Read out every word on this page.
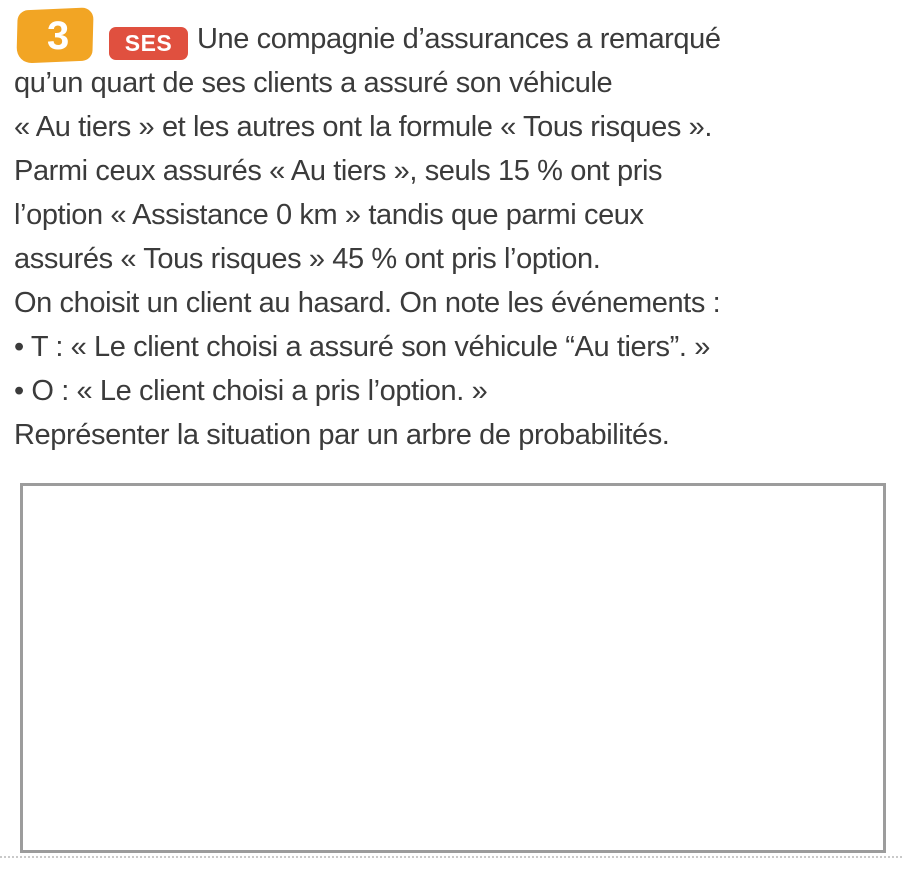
3 SES Une compagnie d’assurances a remarqué
qu’un quart de ses clients a assuré son véhicule
« Au tiers » et les autres ont la formule « Tous risques ».
Parmi ceux assurés « Au tiers », seuls 15 % ont pris
l’option « Assistance 0 km » tandis que parmi ceux
assurés « Tous risques » 45 % ont pris l’option.
On choisit un client au hasard. On note les événements :
• T : « Le client choisi a assuré son véhicule “Au tiers”. »
• O : « Le client choisi a pris l’option. »
Représenter la situation par un arbre de probabilités.
